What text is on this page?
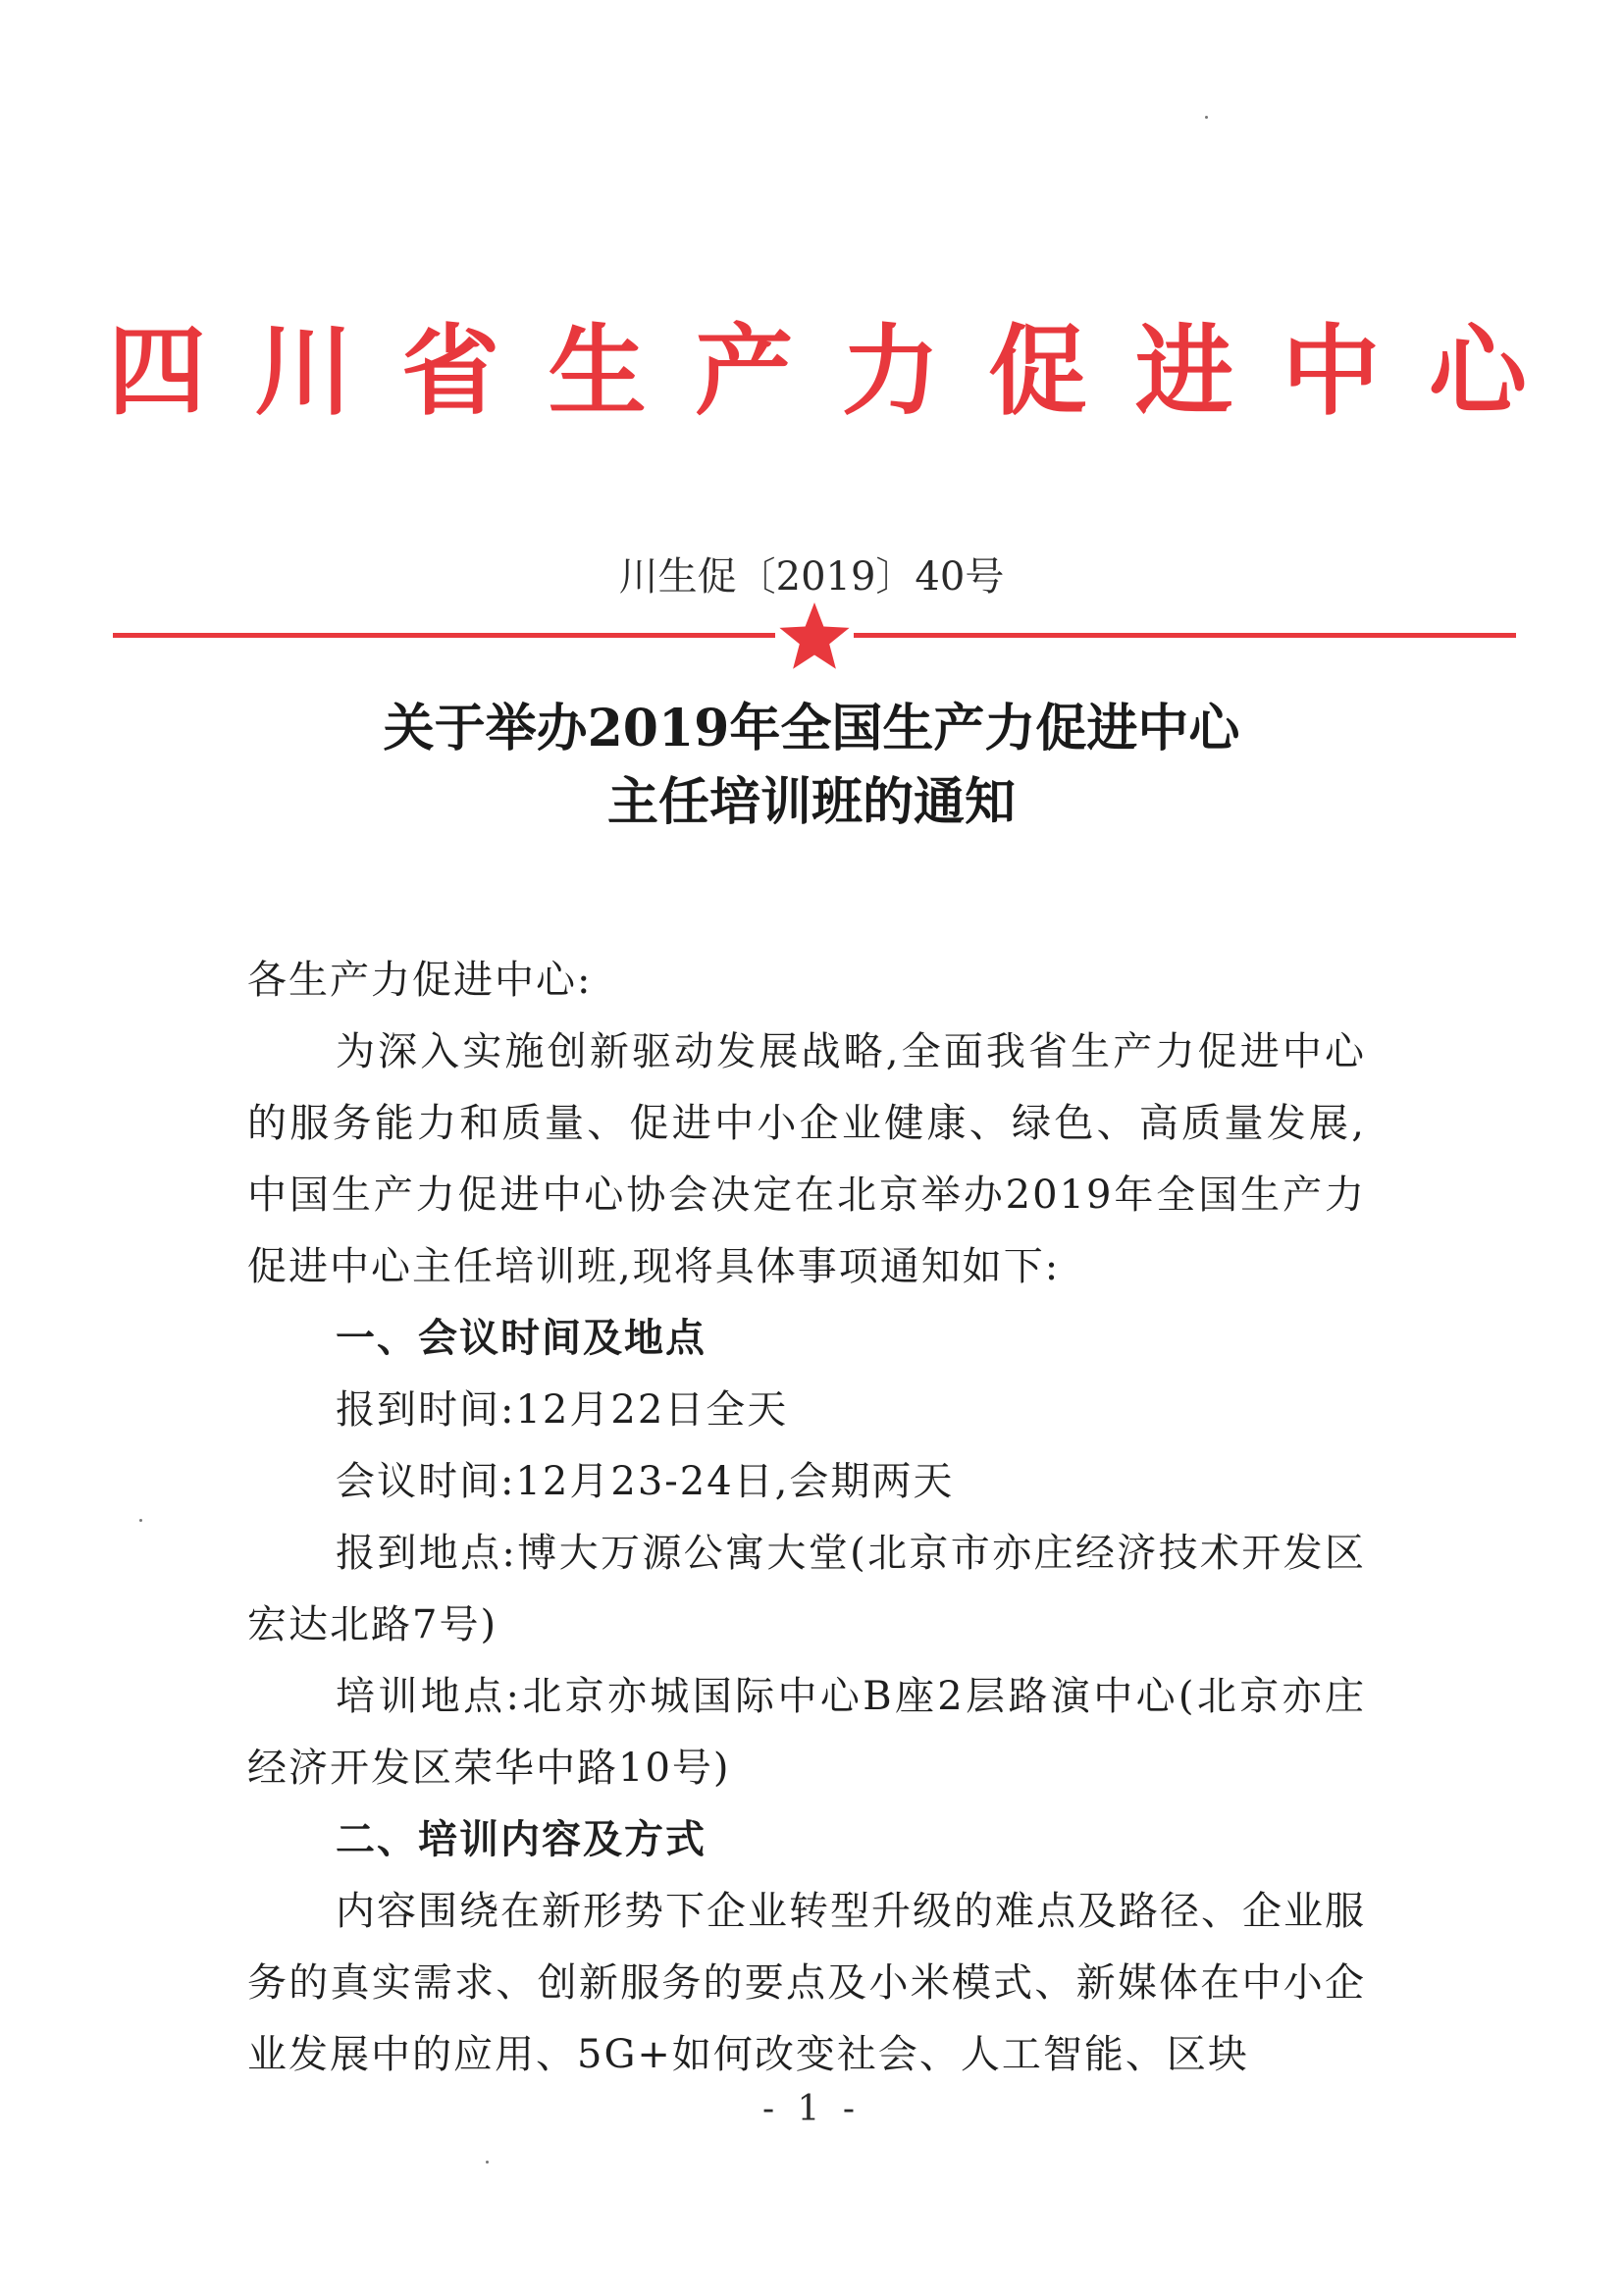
四川省生产力促进中心
川生促〔2019〕40号
关于举办2019年全国生产力促进中心
主任培训班的通知

各生产力促进中心:

为深入实施创新驱动发展战略,全面我省生产力促进中心的服务能力和质量、促进中小企业健康、绿色、高质量发展,中国生产力促进中心协会决定在北京举办2019年全国生产力促进中心主任培训班,现将具体事项通知如下:

一、会议时间及地点

报到时间:12月22日全天

会议时间:12月23-24日,会期两天

报到地点:博大万源公寓大堂(北京市亦庄经济技术开发区宏达北路7号)

培训地点:北京亦城国际中心B座2层路演中心(北京亦庄经济开发区荣华中路10号)

二、培训内容及方式

内容围绕在新形势下企业转型升级的难点及路径、企业服务的真实需求、创新服务的要点及小米模式、新媒体在中小企业发展中的应用、5G+如何改变社会、人工智能、区块

- 1 -
